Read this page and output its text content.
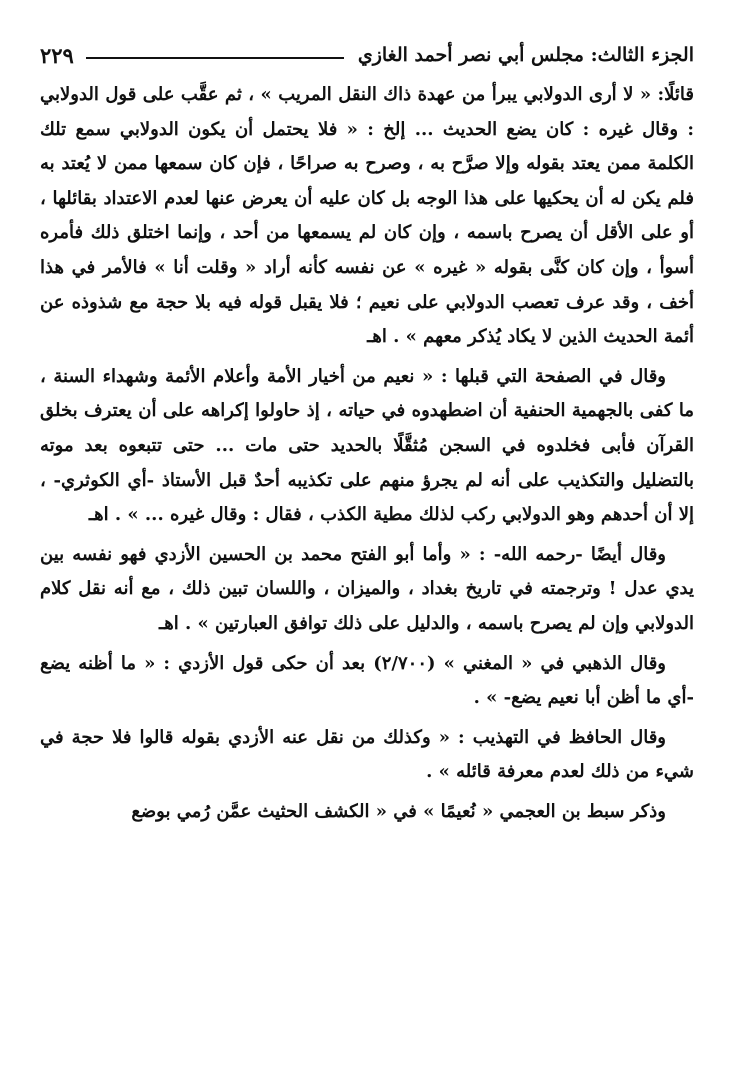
الجزء الثالث: مجلس أبي نصر أحمد الغازي
٢٢٩

قائلًا: « لا أرى الدولابي يبرأ من عهدة ذاك النقل المريب » ، ثم عقَّب على قول الدولابي : وقال غيره : كان يضع الحديث ... إلخ : « فلا يحتمل أن يكون الدولابي سمع تلك الكلمة ممن يعتد بقوله وإلا صرَّح به ، وصرح به صراحًا ، فإن كان سمعها ممن لا يُعتد به فلم يكن له أن يحكيها على هذا الوجه بل كان عليه أن يعرض عنها لعدم الاعتداد بقائلها ، أو على الأقل أن يصرح باسمه ، وإن كان لم يسمعها من أحد ، وإنما اختلق ذلك فأمره أسوأ ، وإن كان كنَّى بقوله « غيره » عن نفسه كأنه أراد « وقلت أنا » فالأمر في هذا أخف ، وقد عرف تعصب الدولابي على نعيم ؛ فلا يقبل قوله فيه بلا حجة مع شذوذه عن أئمة الحديث الذين لا يكاد يُذكر معهم » . اهـ

وقال في الصفحة التي قبلها : « نعيم من أخيار الأمة وأعلام الأئمة وشهداء السنة ، ما كفى بالجهمية الحنفية أن اضطهدوه في حياته ، إذ حاولوا إكراهه على أن يعترف بخلق القرآن فأبى فخلدوه في السجن مُثقَّلًا بالحديد حتى مات ... حتى تتبعوه بعد موته بالتضليل والتكذيب على أنه لم يجرؤ منهم على تكذيبه أحدٌ قبل الأستاذ -أي الكوثري- ، إلا أن أحدهم وهو الدولابي ركب لذلك مطية الكذب ، فقال : وقال غيره ... » . اهـ

وقال أيضًا -رحمه الله- : « وأما أبو الفتح محمد بن الحسين الأزدي فهو نفسه بين يدي عدل ! وترجمته في تاريخ بغداد ، والميزان ، واللسان تبين ذلك ، مع أنه نقل كلام الدولابي وإن لم يصرح باسمه ، والدليل على ذلك توافق العبارتين » . اهـ

وقال الذهبي في « المغني » (٢/٧٠٠) بعد أن حكى قول الأزدي : « ما أظنه يضع -أي ما أظن أبا نعيم يضع- » .

وقال الحافظ في التهذيب : « وكذلك من نقل عنه الأزدي بقوله قالوا فلا حجة في شيء من ذلك لعدم معرفة قائله » .

وذكر سبط بن العجمي « نُعيمًا » في « الكشف الحثيث عمَّن رُمي بوضع
